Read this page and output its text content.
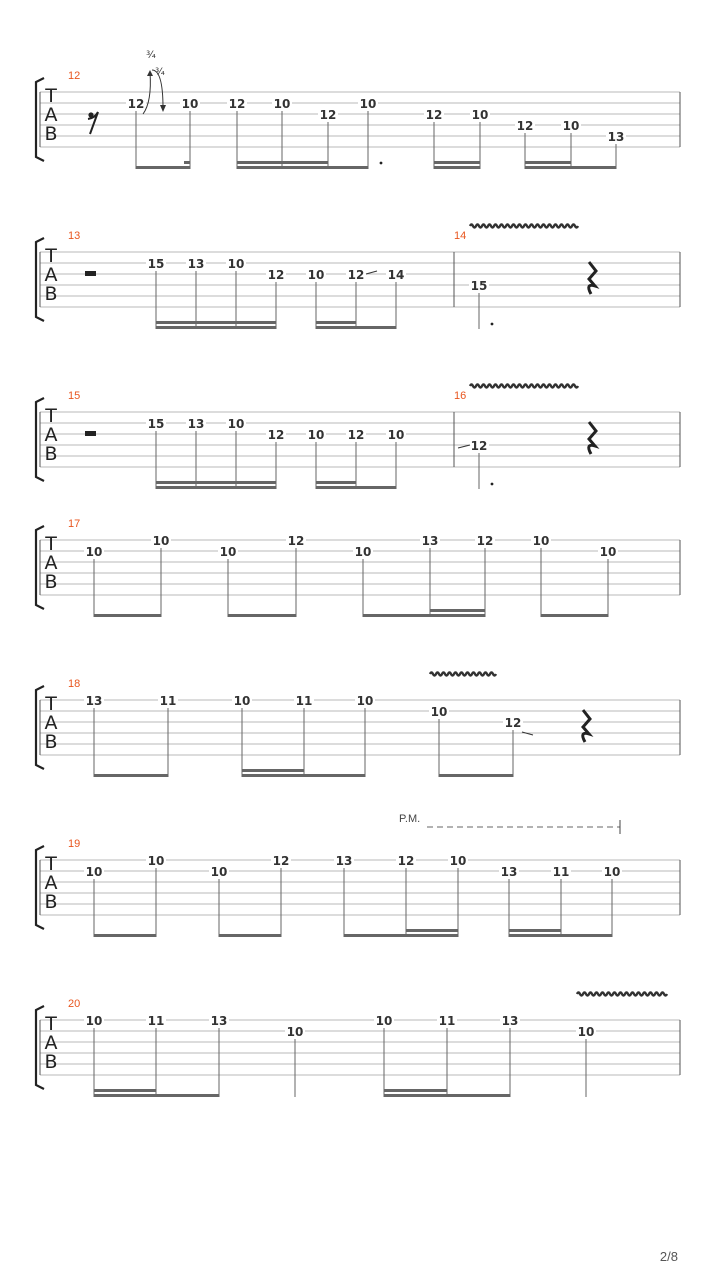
T
A
B
12
12	10	12 10
12
10
12 10
12 10
13
T
A
B
13
15 13 10
12 10 12 14
14
15
T
A
B
15
15 13 10
12 10 12 10
16
12
T
A
B
17
10
10
10
12
10
13	12	10
10
T
A
B
18
13	11	10	11	10
10
12
T
A
B
19
10
10
10
12	13	12	10
13	11	10
T
A
B
20
10	11	13
10
10	11	13
10
¾
¾
P.M.
2/8
